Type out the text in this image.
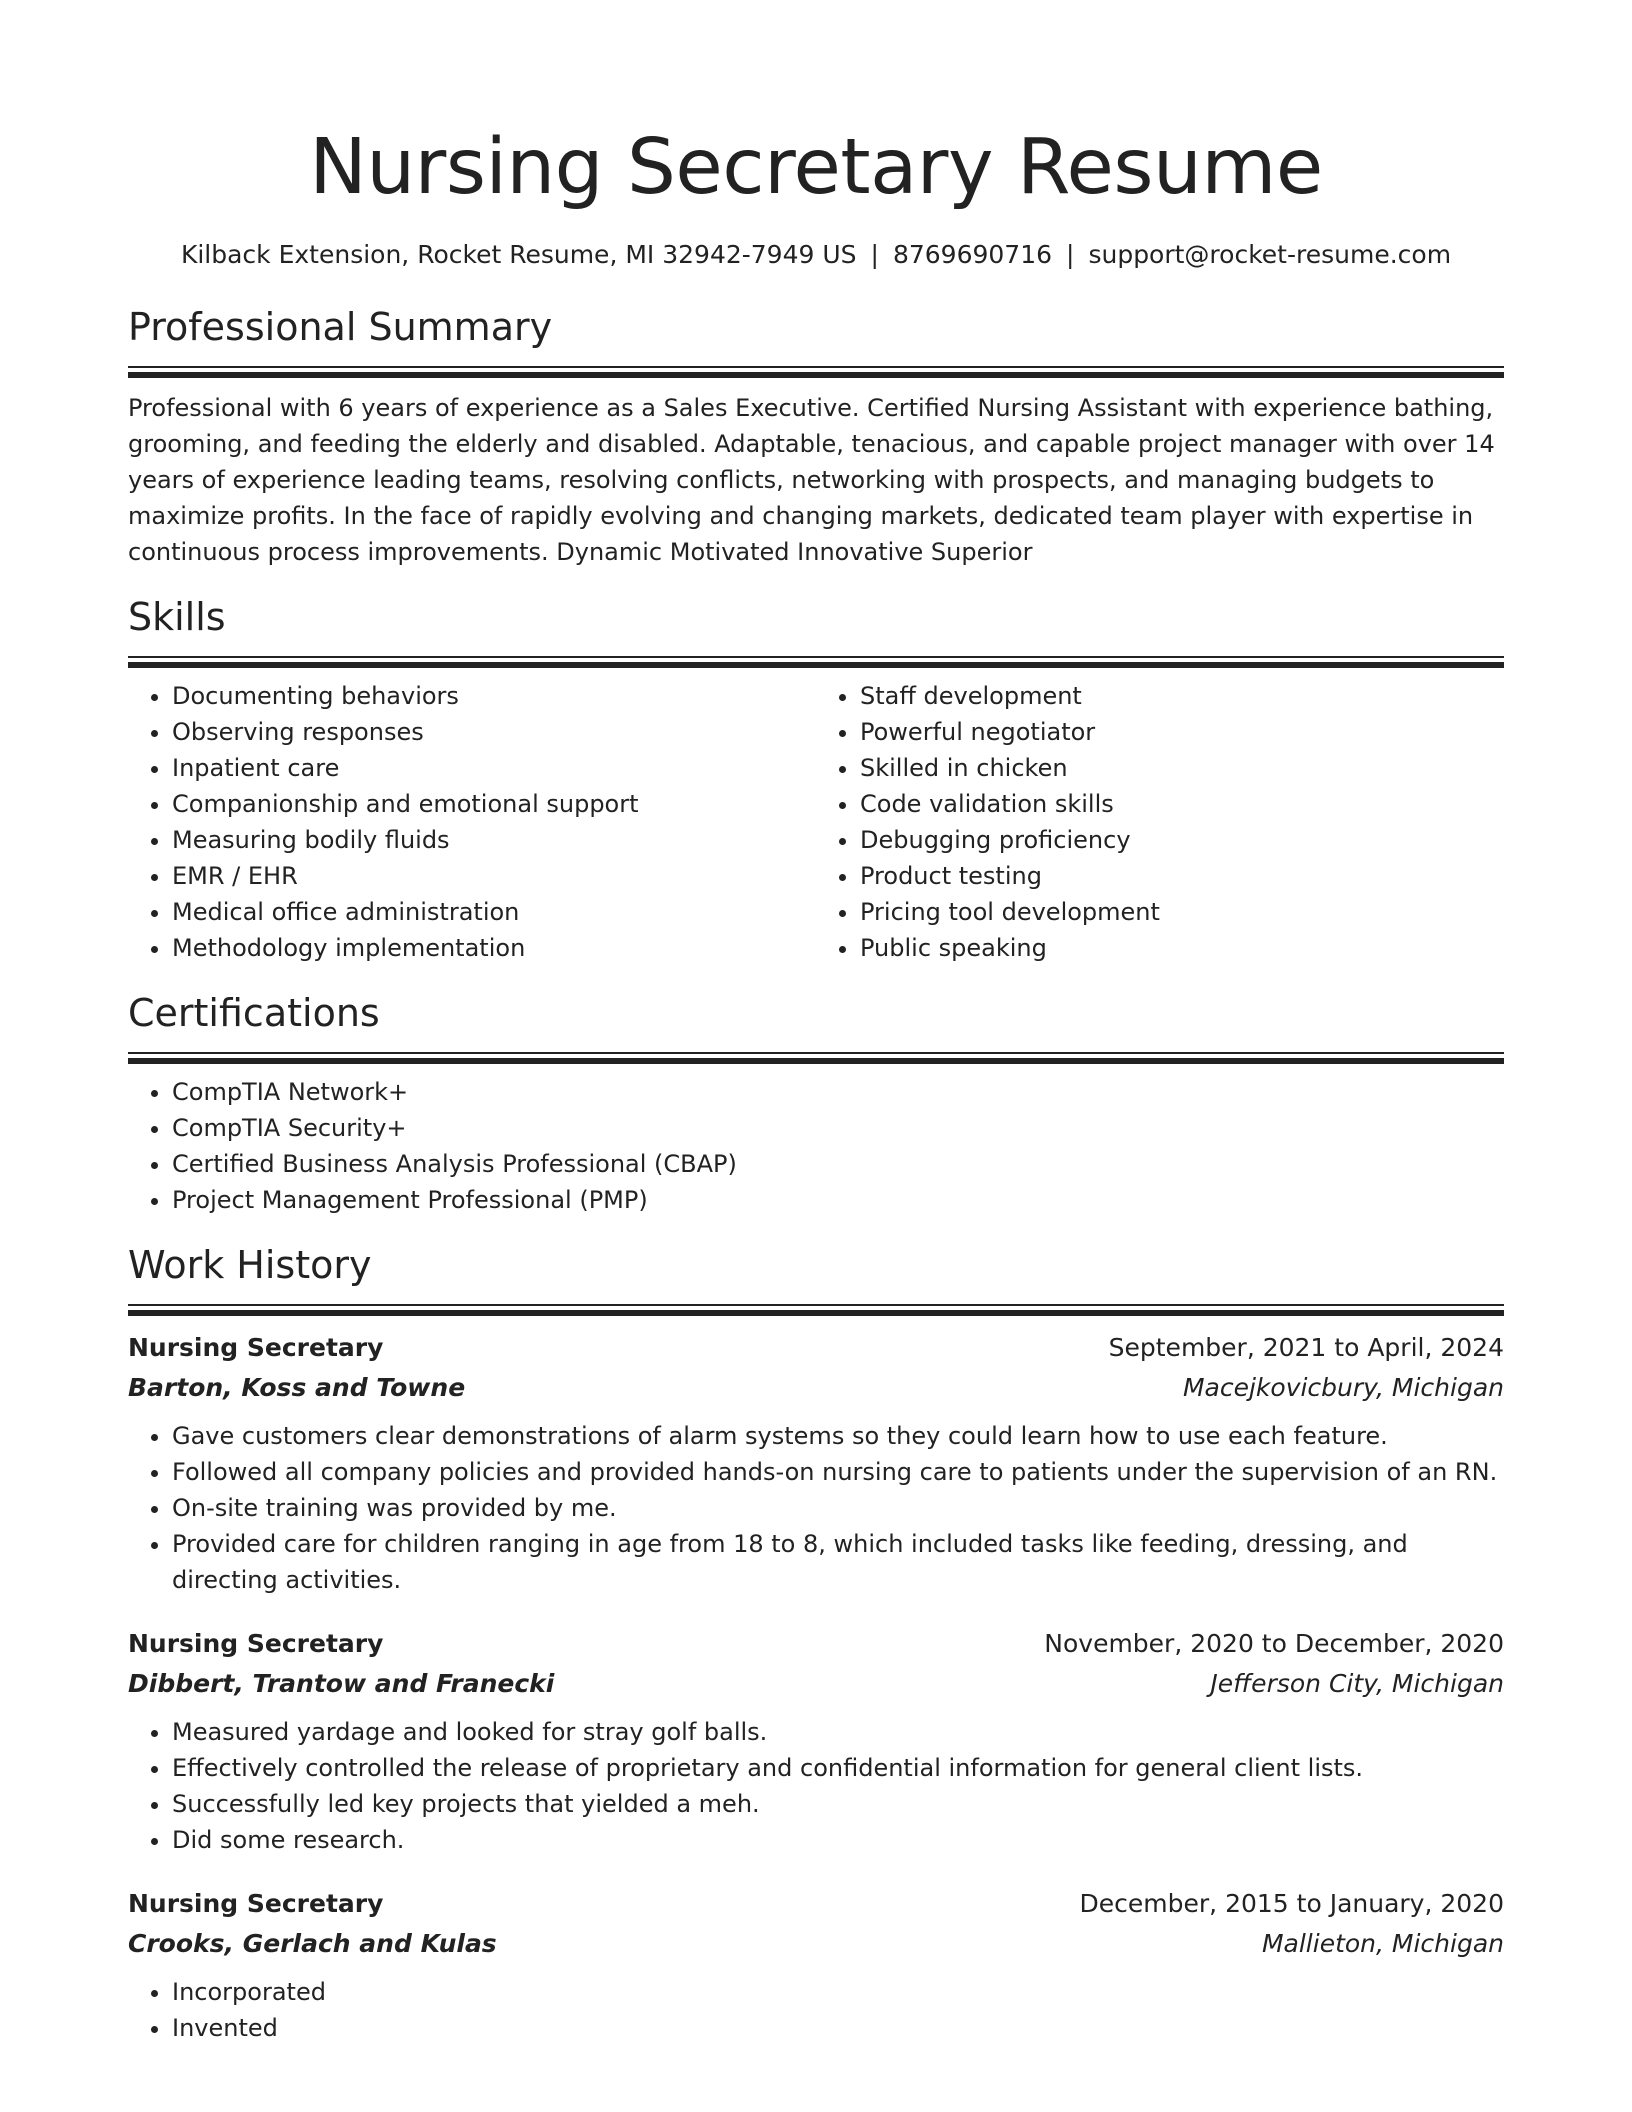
Nursing Secretary Resume
Kilback Extension, Rocket Resume, MI 32942-7949 US | 8769690716 | support@rocket-resume.com
Professional Summary
Professional with 6 years of experience as a Sales Executive. Certified Nursing Assistant with experience bathing, grooming, and feeding the elderly and disabled. Adaptable, tenacious, and capable project manager with over 14 years of experience leading teams, resolving conflicts, networking with prospects, and managing budgets to maximize profits. In the face of rapidly evolving and changing markets, dedicated team player with expertise in continuous process improvements. Dynamic Motivated Innovative Superior
Skills
• Documenting behaviors
• Observing responses
• Inpatient care
• Companionship and emotional support
• Measuring bodily fluids
• EMR / EHR
• Medical office administration
• Methodology implementation
• Staff development
• Powerful negotiator
• Skilled in chicken
• Code validation skills
• Debugging proficiency
• Product testing
• Pricing tool development
• Public speaking
Certifications
• CompTIA Network+
• CompTIA Security+
• Certified Business Analysis Professional (CBAP)
• Project Management Professional (PMP)
Work History
Nursing Secretary	September, 2021 to April, 2024
Barton, Koss and Towne	Macejkovicbury, Michigan
• Gave customers clear demonstrations of alarm systems so they could learn how to use each feature.
• Followed all company policies and provided hands-on nursing care to patients under the supervision of an RN.
• On-site training was provided by me.
• Provided care for children ranging in age from 18 to 8, which included tasks like feeding, dressing, and directing activities.
Nursing Secretary	November, 2020 to December, 2020
Dibbert, Trantow and Franecki	Jefferson City, Michigan
• Measured yardage and looked for stray golf balls.
• Effectively controlled the release of proprietary and confidential information for general client lists.
• Successfully led key projects that yielded a meh.
• Did some research.
Nursing Secretary	December, 2015 to January, 2020
Crooks, Gerlach and Kulas	Mallieton, Michigan
• Incorporated
• Invented
